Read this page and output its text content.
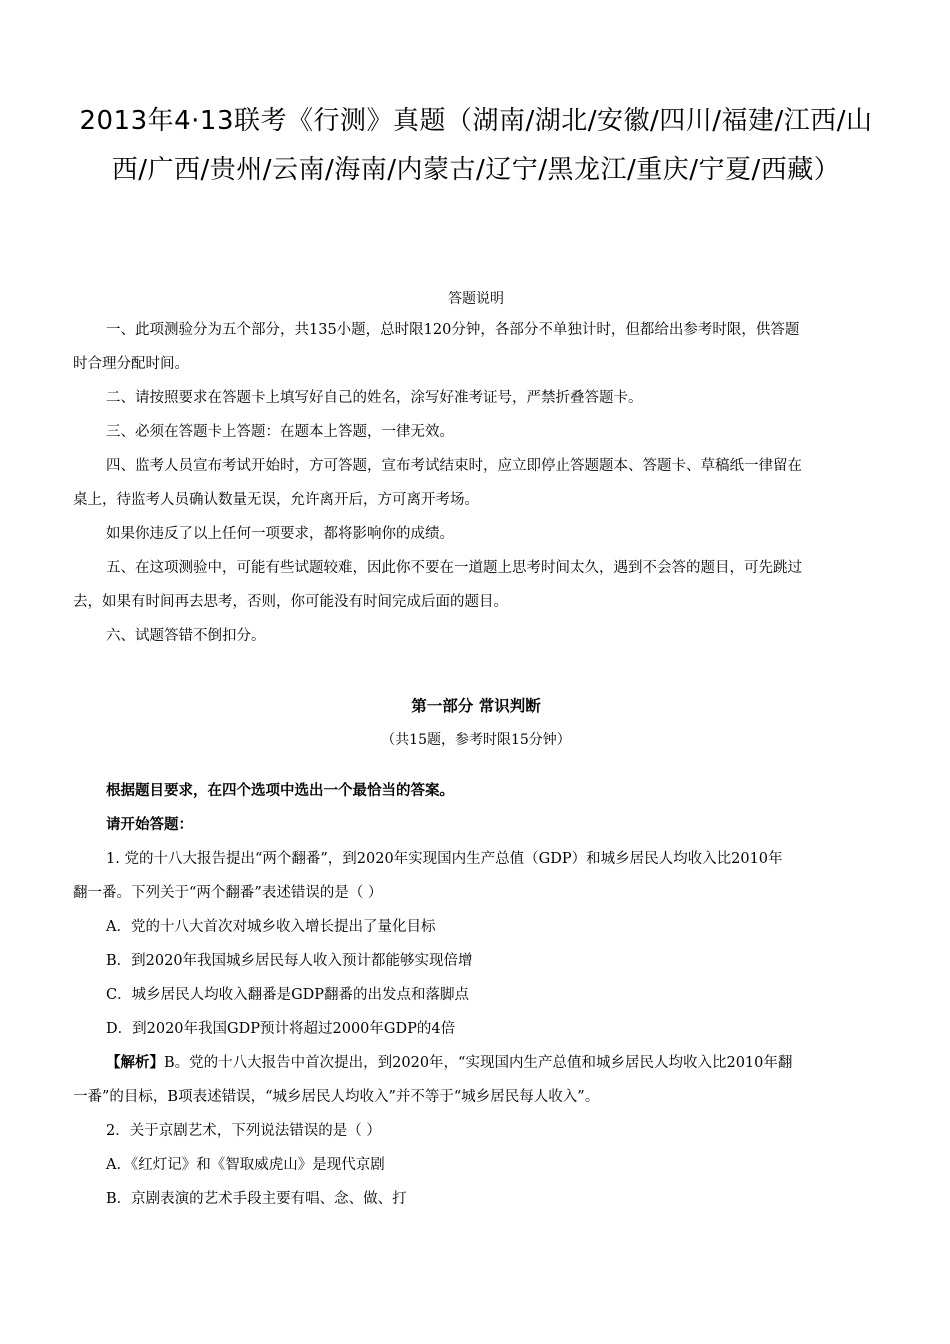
2013年4·13联考《行测》真题（湖南/湖北/安徽/四川/福建/江西/山西/广西/贵州/云南/海南/内蒙古/辽宁/黑龙江/重庆/宁夏/西藏）
答题说明
一、此项测验分为五个部分，共135小题，总时限120分钟，各部分不单独计时，但都给出参考时限，供答题
时合理分配时间。
二、请按照要求在答题卡上填写好自己的姓名，涂写好准考证号，严禁折叠答题卡。
三、必须在答题卡上答题：在题本上答题，一律无效。
四、监考人员宣布考试开始时，方可答题，宣布考试结束时，应立即停止答题题本、答题卡、草稿纸一律留在
桌上，待监考人员确认数量无误，允许离开后，方可离开考场。
如果你违反了以上任何一项要求，都将影响你的成绩。
五、在这项测验中，可能有些试题较难，因此你不要在一道题上思考时间太久，遇到不会答的题目，可先跳过
去，如果有时间再去思考，否则，你可能没有时间完成后面的题目。
六、试题答错不倒扣分。
第一部分 常识判断
（共15题，参考时限15分钟）
根据题目要求，在四个选项中选出一个最恰当的答案。
请开始答题：
1. 党的十八大报告提出“两个翻番”，到2020年实现国内生产总值（GDP）和城乡居民人均收入比2010年
翻一番。下列关于“两个翻番”表述错误的是（ ）
A．党的十八大首次对城乡收入增长提出了量化目标
B．到2020年我国城乡居民每人收入预计都能够实现倍增
C．城乡居民人均收入翻番是GDP翻番的出发点和落脚点
D．到2020年我国GDP预计将超过2000年GDP的4倍
【解析】B。党的十八大报告中首次提出，到2020年，“实现国内生产总值和城乡居民人均收入比2010年翻
一番”的目标，B项表述错误，“城乡居民人均收入”并不等于“城乡居民每人收入”。
2．关于京剧艺术，下列说法错误的是（ ）
A．《红灯记》和《智取威虎山》是现代京剧
B．京剧表演的艺术手段主要有唱、念、做、打
